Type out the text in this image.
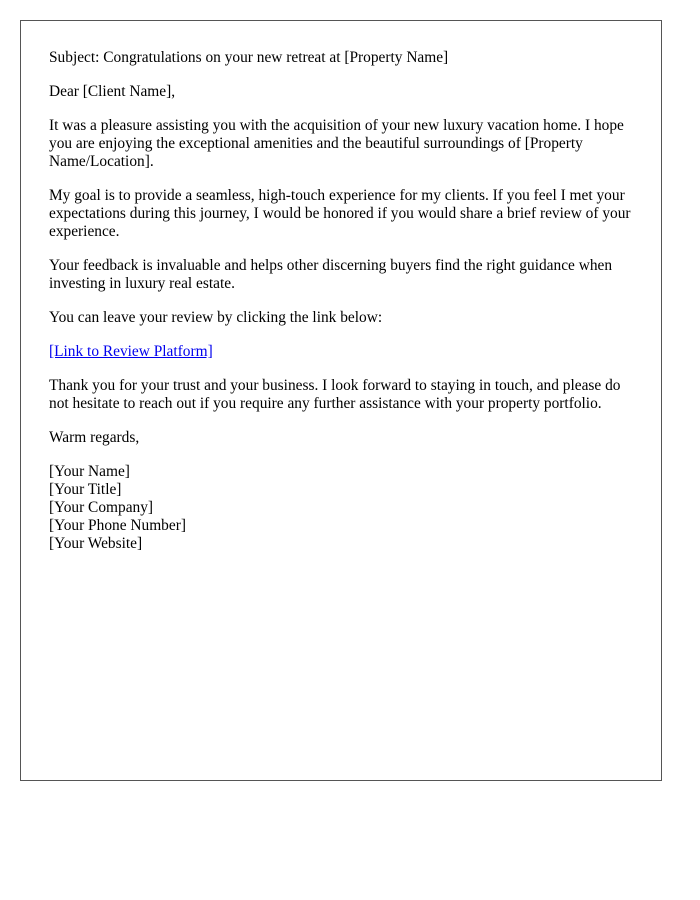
Subject: Congratulations on your new retreat at [Property Name]

Dear [Client Name],

It was a pleasure assisting you with the acquisition of your new luxury vacation home. I hope you are enjoying the exceptional amenities and the beautiful surroundings of [Property Name/Location].

My goal is to provide a seamless, high-touch experience for my clients. If you feel I met your expectations during this journey, I would be honored if you would share a brief review of your experience.

Your feedback is invaluable and helps other discerning buyers find the right guidance when investing in luxury real estate.

You can leave your review by clicking the link below:

[Link to Review Platform]

Thank you for your trust and your business. I look forward to staying in touch, and please do not hesitate to reach out if you require any further assistance with your property portfolio.

Warm regards,

[Your Name]
[Your Title]
[Your Company]
[Your Phone Number]
[Your Website]
